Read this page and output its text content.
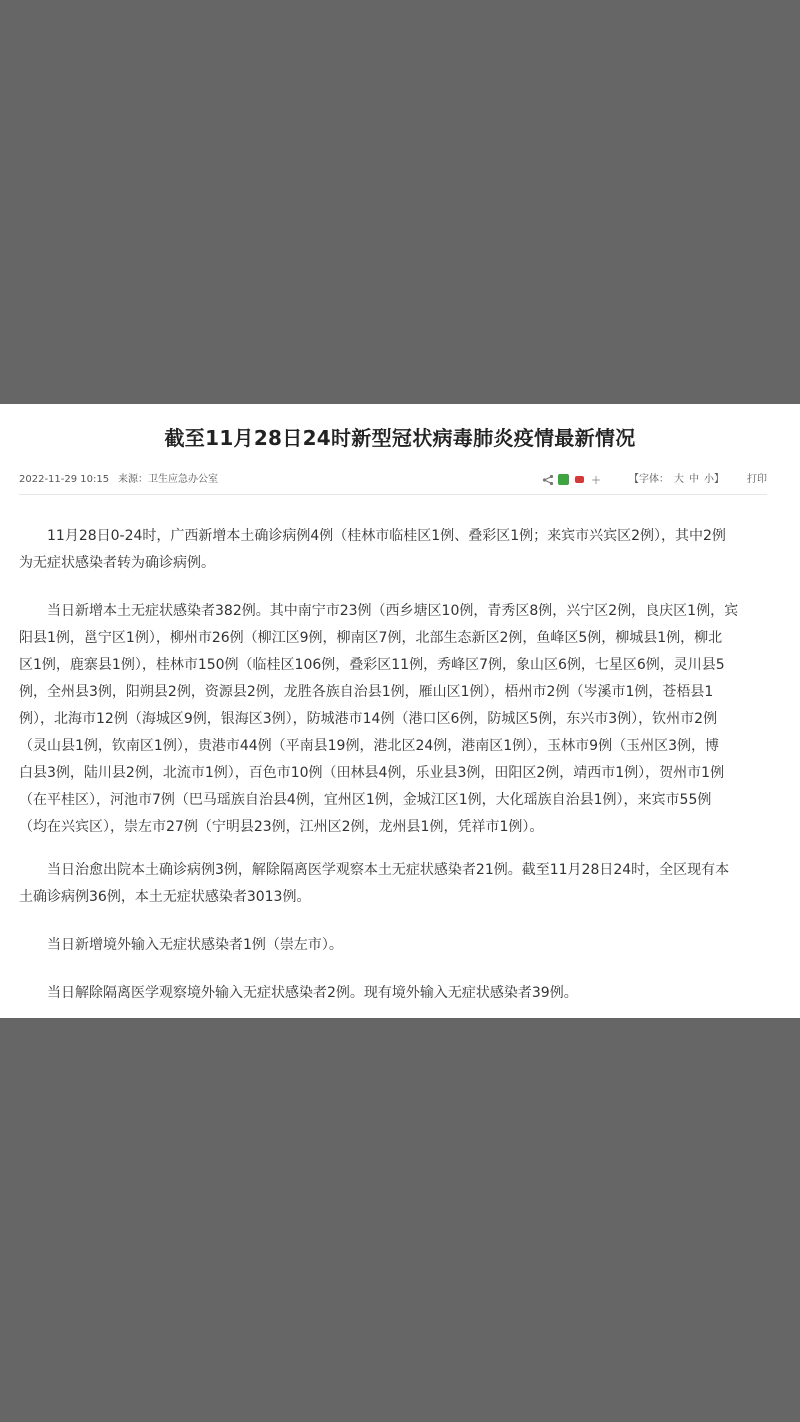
截至11月28日24时新型冠状病毒肺炎疫情最新情况
2022-11-29 10:15 来源：卫生应急办公室	+	【字体： 大 中 小】	打印
11月28日0-24时，广西新增本土确诊病例4例（桂林市临桂区1例、叠彩区1例；来宾市兴宾区2例），其中2例
为无症状感染者转为确诊病例。
当日新增本土无症状感染者382例。其中南宁市23例（西乡塘区10例，青秀区8例，兴宁区2例，良庆区1例，宾
阳县1例，邕宁区1例），柳州市26例（柳江区9例，柳南区7例，北部生态新区2例，鱼峰区5例，柳城县1例，柳北
区1例，鹿寨县1例），桂林市150例（临桂区106例，叠彩区11例，秀峰区7例，象山区6例，七星区6例，灵川县5
例，全州县3例，阳朔县2例，资源县2例，龙胜各族自治县1例，雁山区1例），梧州市2例（岑溪市1例，苍梧县1
例），北海市12例（海城区9例，银海区3例），防城港市14例（港口区6例，防城区5例，东兴市3例），钦州市2例
（灵山县1例，钦南区1例），贵港市44例（平南县19例，港北区24例，港南区1例），玉林市9例（玉州区3例，博
白县3例，陆川县2例，北流市1例），百色市10例（田林县4例，乐业县3例，田阳区2例，靖西市1例），贺州市1例
（在平桂区），河池市7例（巴马瑶族自治县4例，宜州区1例，金城江区1例，大化瑶族自治县1例），来宾市55例
（均在兴宾区），崇左市27例（宁明县23例，江州区2例，龙州县1例，凭祥市1例）。
当日治愈出院本土确诊病例3例，解除隔离医学观察本土无症状感染者21例。截至11月28日24时，全区现有本
土确诊病例36例，本土无症状感染者3013例。
当日新增境外输入无症状感染者1例（崇左市）。
当日解除隔离医学观察境外输入无症状感染者2例。现有境外输入无症状感染者39例。
